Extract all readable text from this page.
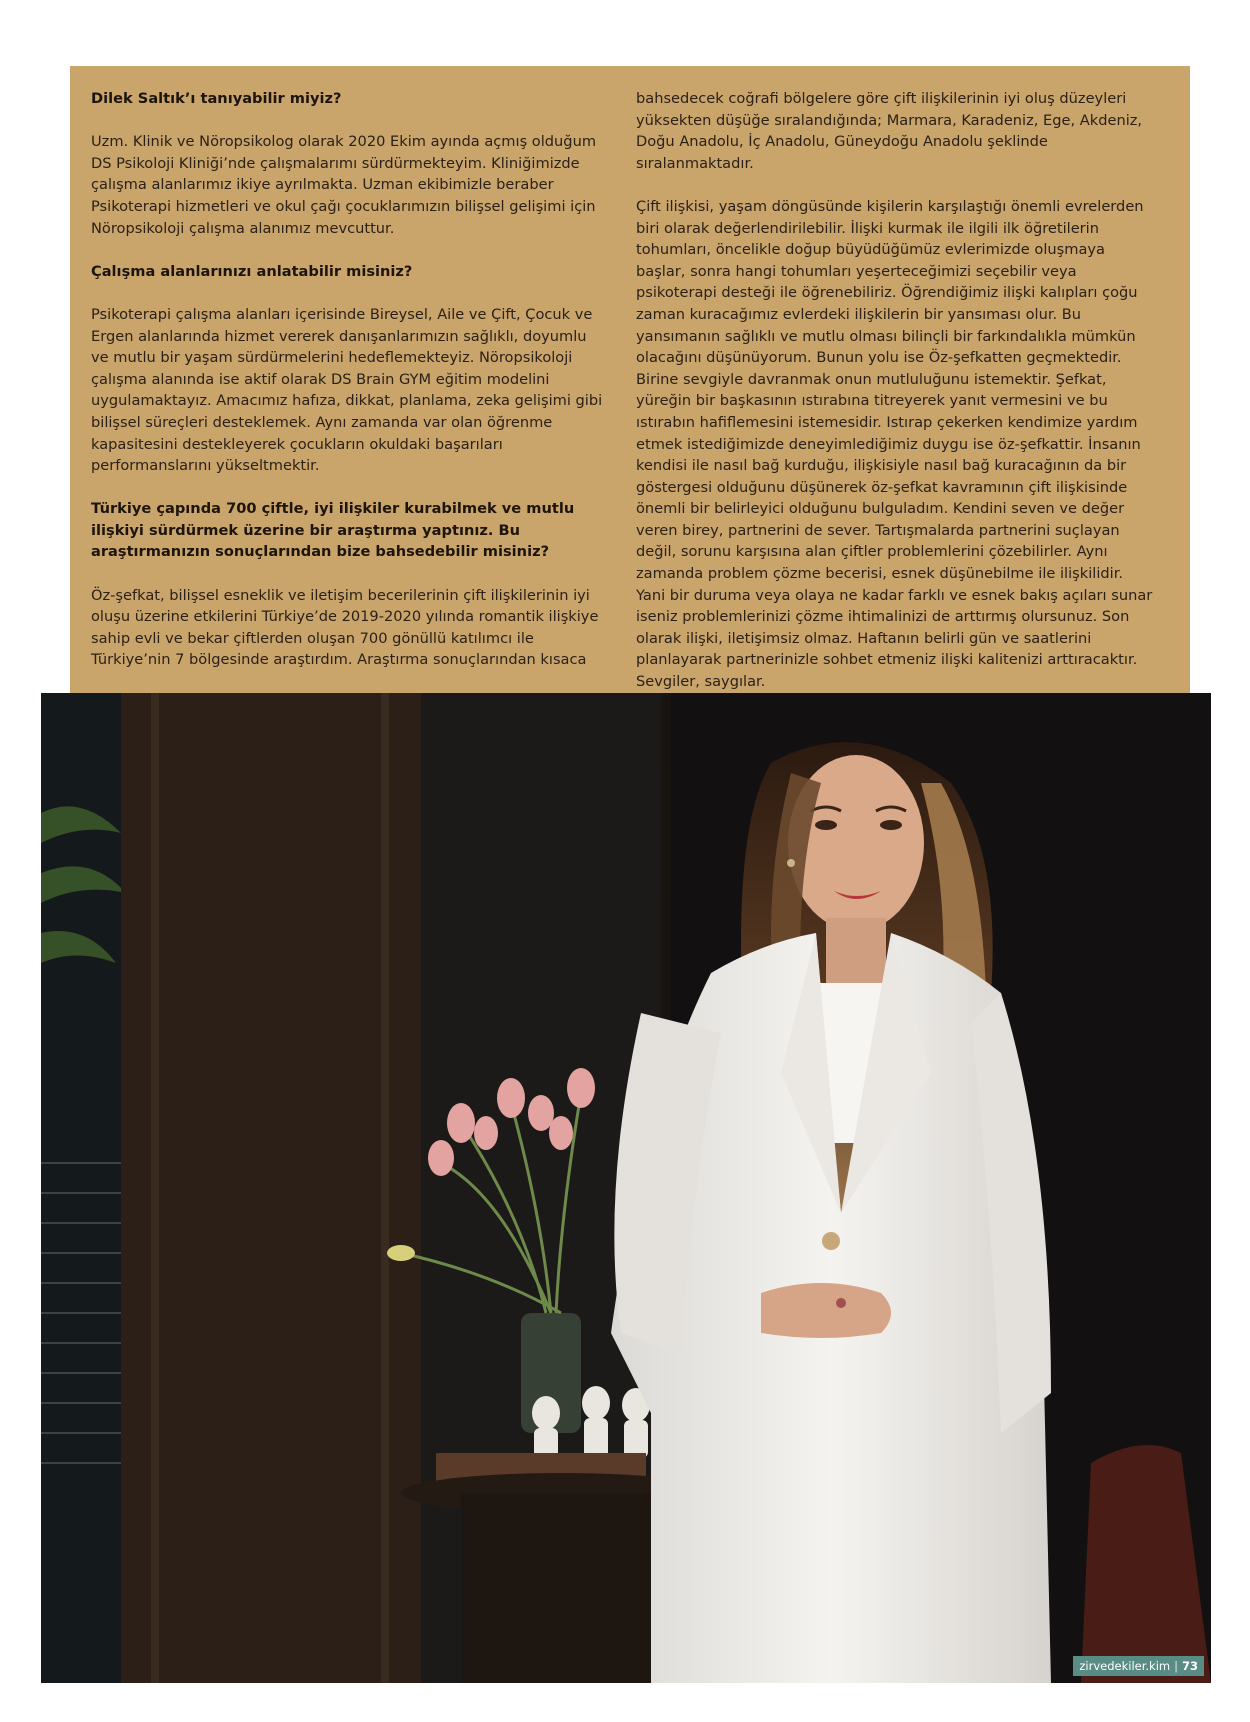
Dilek Saltık’ı tanıyabilir miyiz?

Uzm. Klinik ve Nöropsikolog olarak 2020 Ekim ayında açmış olduğum DS Psikoloji Kliniği’nde çalışmalarımı sürdürmekteyim. Kliniğimizde çalışma alanlarımız ikiye ayrılmakta. Uzman ekibimizle beraber Psikoterapi hizmetleri ve okul çağı çocuklarımızın bilişsel gelişimi için Nöropsikoloji çalışma alanımız mevcuttur.

Çalışma alanlarınızı anlatabilir misiniz?

Psikoterapi çalışma alanları içerisinde Bireysel, Aile ve Çift, Çocuk ve Ergen alanlarında hizmet vererek danışanlarımızın sağlıklı, doyumlu ve mutlu bir yaşam sürdürmelerini hedeflemekteyiz. Nöropsikoloji çalışma alanında ise aktif olarak DS Brain GYM eğitim modelini uygulamaktayız. Amacımız hafıza, dikkat, planlama, zeka gelişimi gibi bilişsel süreçleri desteklemek. Aynı zamanda var olan öğrenme kapasitesini destekleyerek çocukların okuldaki başarıları performanslarını yükseltmektir.

Türkiye çapında 700 çiftle, iyi ilişkiler kurabilmek ve mutlu ilişkiyi sürdürmek üzerine bir araştırma yaptınız. Bu araştırmanızın sonuçlarından bize bahsedebilir misiniz?

Öz-şefkat, bilişsel esneklik ve iletişim becerilerinin çift ilişkilerinin iyi oluşu üzerine etkilerini Türkiye’de 2019-2020 yılında romantik ilişkiye sahip evli ve bekar çiftlerden oluşan 700 gönüllü katılımcı ile Türkiye’nin 7 bölgesinde araştırdım. Araştırma sonuçlarından kısaca

bahsedecek coğrafi bölgelere göre çift ilişkilerinin iyi oluş düzeyleri yüksekten düşüğe sıralandığında; Marmara, Karadeniz, Ege, Akdeniz, Doğu Anadolu, İç Anadolu, Güneydoğu Anadolu şeklinde sıralanmaktadır.

Çift ilişkisi, yaşam döngüsünde kişilerin karşılaştığı önemli evrelerden biri olarak değerlendirilebilir. İlişki kurmak ile ilgili ilk öğretilerin tohumları, öncelikle doğup büyüdüğümüz evlerimizde oluşmaya başlar, sonra hangi tohumları yeşerteceğimizi seçebilir veya psikoterapi desteği ile öğrenebiliriz. Öğrendiğimiz ilişki kalıpları çoğu zaman kuracağımız evlerdeki ilişkilerin bir yansıması olur. Bu yansımanın sağlıklı ve mutlu olması bilinçli bir farkındalıkla mümkün olacağını düşünüyorum. Bunun yolu ise Öz-şefkatten geçmektedir. Birine sevgiyle davranmak onun mutluluğunu istemektir. Şefkat, yüreğin bir başkasının ıstırabına titreyerek yanıt vermesini ve bu ıstırabın hafiflemesini istemesidir. Istırap çekerken kendimize yardım etmek istediğimizde deneyimlediğimiz duygu ise öz-şefkattir. İnsanın kendisi ile nasıl bağ kurduğu, ilişkisiyle nasıl bağ kuracağının da bir göstergesi olduğunu düşünerek öz-şefkat kavramının çift ilişkisinde önemli bir belirleyici olduğunu bulguladım. Kendini seven ve değer veren birey, partnerini de sever. Tartışmalarda partnerini suçlayan değil, sorunu karşısına alan çiftler problemlerini çözebilirler. Aynı zamanda problem çözme becerisi, esnek düşünebilme ile ilişkilidir. Yani bir duruma veya olaya ne kadar farklı ve esnek bakış açıları sunar iseniz problemlerinizi çözme ihtimalinizi de arttırmış olursunuz. Son olarak ilişki, iletişimsiz olmaz. Haftanın belirli gün ve saatlerini planlayarak partnerinizle sohbet etmeniz ilişki kalitenizi arttıracaktır. Sevgiler, saygılar.

zirvedekiler.kim | 73
